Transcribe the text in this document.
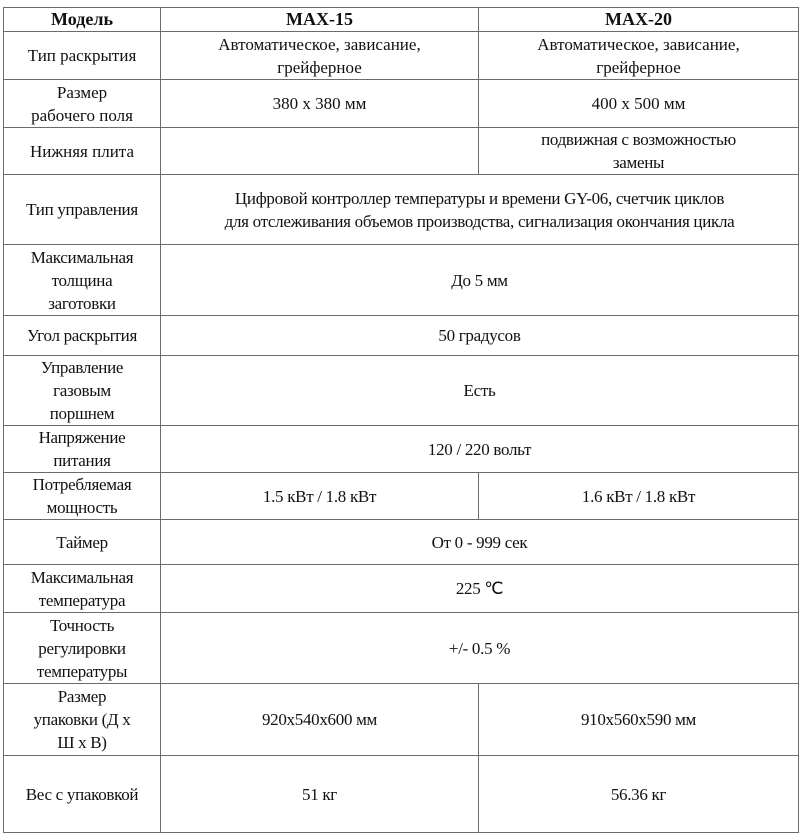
Модель	MAX-15	MAX-20
Тип раскрытия	Автоматическое, зависание, грейферное	Автоматическое, зависание, грейферное
Размер рабочего поля	380 х 380 мм	400 х 500 мм
Нижняя плита		подвижная с возможностью замены
Тип управления	Цифровой контроллер температуры и времени GY-06, счетчик циклов для отслеживания объемов производства, сигнализация окончания цикла	
Максимальная толщина заготовки	До 5 мм	
Угол раскрытия	50 градусов	
Управление газовым поршнем	Есть	
Напряжение питания	120 / 220 вольт	
Потребляемая мощность	1.5 кВт / 1.8 кВт	1.6 кВт / 1.8 кВт
Таймер	От 0 - 999 сек	
Максимальная температура	225 ℃	
Точность регулировки температуры	+/- 0.5 %	
Размер упаковки (Д х Ш х В)	920x540x600 мм	910x560x590 мм
Вес с упаковкой	51 кг	56.36 кг
